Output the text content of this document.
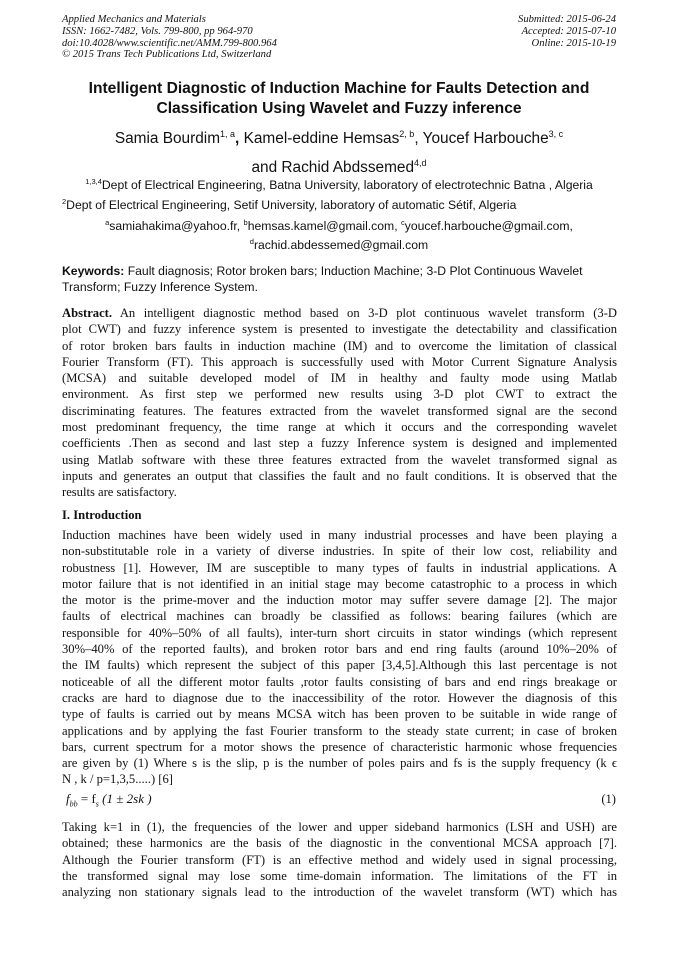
Applied Mechanics and Materials
ISSN: 1662-7482, Vols. 799-800, pp 964-970
doi:10.4028/www.scientific.net/AMM.799-800.964
© 2015 Trans Tech Publications Ltd, Switzerland
Submitted: 2015-06-24
Accepted: 2015-07-10
Online: 2015-10-19
Intelligent Diagnostic of Induction Machine for Faults Detection and
Classification Using Wavelet and Fuzzy inference
Samia Bourdim$^{1, a}$, Kamel-eddine Hemsas$^{2, b}$, Youcef Harbouche$^{3, c}$
and Rachid Abdssemed$^{4,d}$
$^{1,3,4}$Dept of Electrical Engineering, Batna University, laboratory of electrotechnic Batna , Algeria
$^2$Dept of Electrical Engineering, Setif University, laboratory of automatic Sétif, Algeria
$^a$samiahakima@yahoo.fr, $^b$hemsas.kamel@gmail.com, $^c$youcef.harbouche@gmail.com,
$^d$rachid.abdessemed@gmail.com
Keywords: Fault diagnosis; Rotor broken bars; Induction Machine; 3-D Plot Continuous Wavelet Transform; Fuzzy Inference System.
Abstract. An intelligent diagnostic method based on 3-D plot continuous wavelet transform (3-D
plot CWT) and fuzzy inference system is presented to investigate the detectability and classification
of rotor broken bars faults in induction machine (IM) and to overcome the limitation of classical
Fourier Transform (FT). This approach is successfully used with Motor Current Signature Analysis
(MCSA) and suitable developed model of IM in healthy and faulty mode using Matlab
environment. As first step we performed new results using 3-D plot CWT to extract the
discriminating features. The features extracted from the wavelet transformed signal are the second
most predominant frequency, the time range at which it occurs and the corresponding wavelet
coefficients .Then as second and last step a fuzzy Inference system is designed and implemented
using Matlab software with these three features extracted from the wavelet transformed signal as
inputs and generates an output that classifies the fault and no fault conditions. It is observed that the
results are satisfactory.
I. Introduction
Induction machines have been widely used in many industrial processes and have been playing a
non-substitutable role in a variety of diverse industries. In spite of their low cost, reliability and
robustness [1]. However, IM are susceptible to many types of faults in industrial applications. A
motor failure that is not identified in an initial stage may become catastrophic to a process in which
the motor is the prime-mover and the induction motor may suffer severe damage [2]. The major
faults of electrical machines can broadly be classified as follows: bearing failures (which are
responsible for 40%–50% of all faults), inter-turn short circuits in stator windings (which represent
30%–40% of the reported faults), and broken rotor bars and end ring faults (around 10%–20% of
the IM faults) which represent the subject of this paper [3,4,5].Although this last percentage is not
noticeable of all the different motor faults ,rotor faults consisting of bars and end rings breakage or
cracks are hard to diagnose due to the inaccessibility of the rotor. However the diagnosis of this
type of faults is carried out by means MCSA witch has been proven to be suitable in wide range of
applications and by applying the fast Fourier transform to the steady state current; in case of broken
bars, current spectrum for a motor shows the presence of characteristic harmonic whose frequencies
are given by (1) Where s is the slip, p is the number of poles pairs and fs is the supply frequency (k ϵ
N , k / p=1,3,5.....) [6]
$f_{bb} = f_s$ (1 ± 2sk )	(1)
Taking k=1 in (1), the frequencies of the lower and upper sideband harmonics (LSH and USH) are
obtained; these harmonics are the basis of the diagnostic in the conventional MCSA approach [7].
Although the Fourier transform (FT) is an effective method and widely used in signal processing,
the transformed signal may lose some time-domain information. The limitations of the FT in
analyzing non stationary signals lead to the introduction of the wavelet transform (WT) which has
